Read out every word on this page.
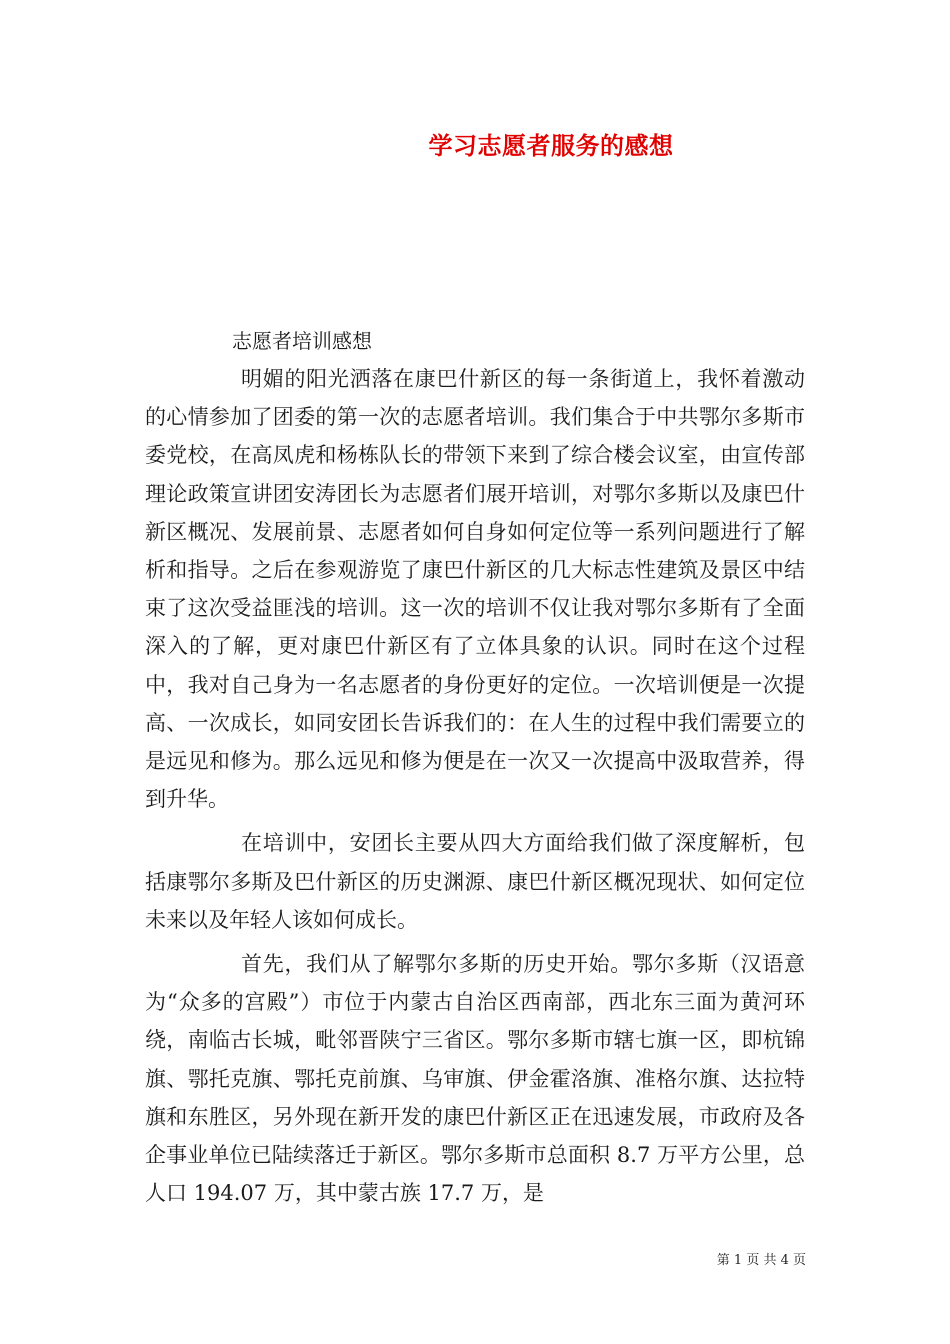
学习志愿者服务的感想
志愿者培训感想

明媚的阳光洒落在康巴什新区的每一条街道上，我怀着激动的心情参加了团委的第一次的志愿者培训。我们集合于中共鄂尔多斯市委党校，在高凤虎和杨栋队长的带领下来到了综合楼会议室，由宣传部理论政策宣讲团安涛团长为志愿者们展开培训，对鄂尔多斯以及康巴什新区概况、发展前景、志愿者如何自身如何定位等一系列问题进行了解析和指导。之后在参观游览了康巴什新区的几大标志性建筑及景区中结束了这次受益匪浅的培训。这一次的培训不仅让我对鄂尔多斯有了全面深入的了解，更对康巴什新区有了立体具象的认识。同时在这个过程中，我对自己身为一名志愿者的身份更好的定位。一次培训便是一次提高、一次成长，如同安团长告诉我们的：在人生的过程中我们需要立的是远见和修为。那么远见和修为便是在一次又一次提高中汲取营养，得到升华。

在培训中，安团长主要从四大方面给我们做了深度解析，包括康鄂尔多斯及巴什新区的历史渊源、康巴什新区概况现状、如何定位未来以及年轻人该如何成长。

首先，我们从了解鄂尔多斯的历史开始。鄂尔多斯（汉语意为“众多的宫殿”）市位于内蒙古自治区西南部，西北东三面为黄河环绕，南临古长城，毗邻晋陕宁三省区。鄂尔多斯市辖七旗一区，即杭锦旗、鄂托克旗、鄂托克前旗、乌审旗、伊金霍洛旗、准格尔旗、达拉特旗和东胜区，另外现在新开发的康巴什新区正在迅速发展，市政府及各企事业单位已陆续落迁于新区。鄂尔多斯市总面积 8.7 万平方公里，总人口 194.07 万，其中蒙古族 17.7 万，是

第 1 页 共 4 页
